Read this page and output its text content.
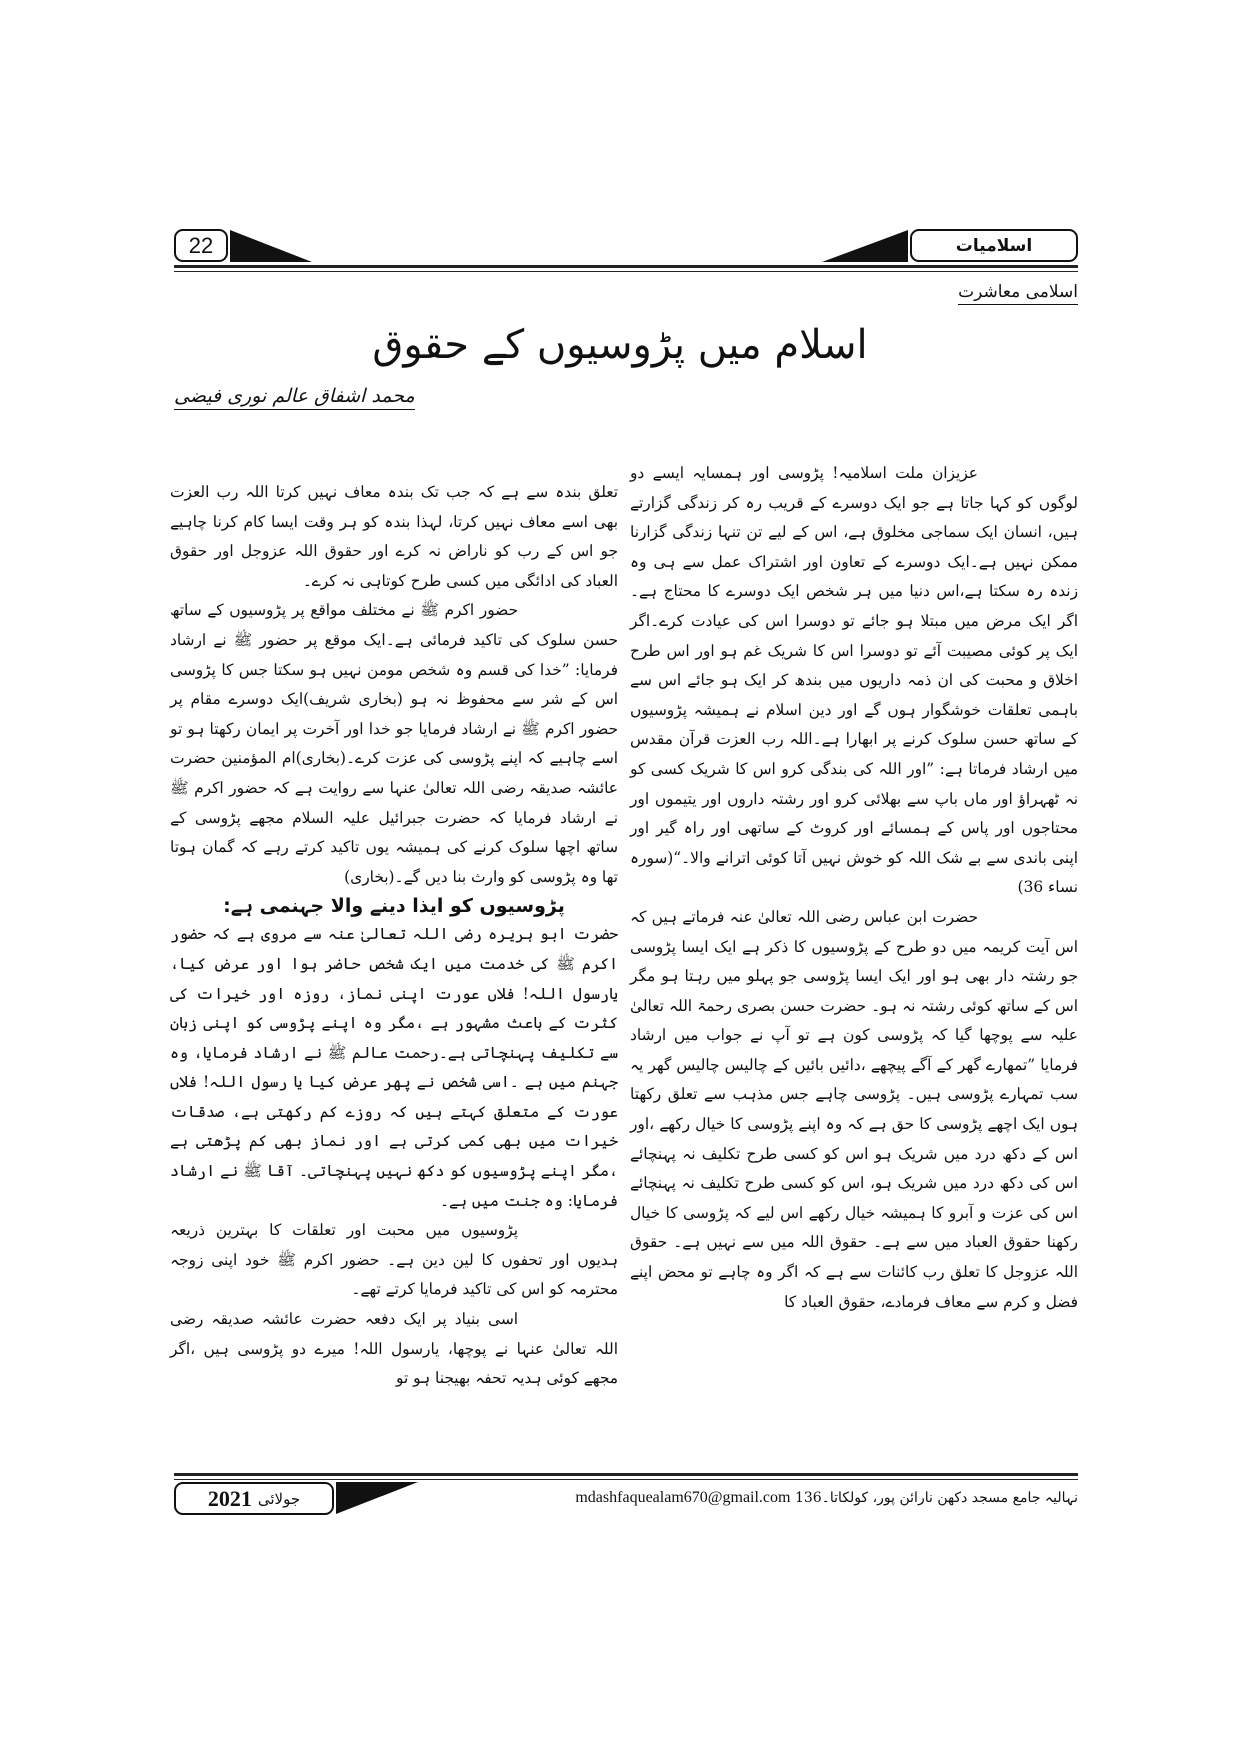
22	اسلامیات
اسلامی معاشرت
اسلام میں پڑوسیوں کے حقوق
محمد اشفاق عالم نوری فیضی

عزیزان ملت اسلامیہ! پڑوسی اور ہمسایہ ایسے دو لوگوں کو کہا جاتا ہے جو ایک دوسرے کے قریب رہ کر زندگی گزارتے ہیں، انسان ایک سماجی مخلوق ہے، اس کے لیے تن تنہا زندگی گزارنا ممکن نہیں ہے۔ایک دوسرے کے تعاون اور اشتراک عمل سے ہی وہ زندہ رہ سکتا ہے،اس دنیا میں ہر شخص ایک دوسرے کا محتاج ہے۔اگر ایک مرض میں مبتلا ہو جائے تو دوسرا اس کی عیادت کرے۔اگر ایک پر کوئی مصیبت آئے تو دوسرا اس کا شریک غم ہو اور اس طرح اخلاق و محبت کی ان ذمہ داریوں میں بندھ کر ایک ہو جائے اس سے باہمی تعلقات خوشگوار ہوں گے اور دین اسلام نے ہمیشہ پڑوسیوں کے ساتھ حسن سلوک کرنے پر ابھارا ہے۔اللہ رب العزت قرآن مقدس میں ارشاد فرماتا ہے: ”اور اللہ کی بندگی کرو اس کا شریک کسی کو نہ ٹھہراؤ اور ماں باپ سے بھلائی کرو اور رشتہ داروں اور یتیموں اور محتاجوں اور پاس کے ہمسائے اور کروٹ کے ساتھی اور راہ گیر اور اپنی باندی سے بے شک اللہ کو خوش نہیں آتا کوئی اترانے والا۔“(سورہ نساء 36)

حضرت ابن عباس رضی اللہ تعالیٰ عنہ فرماتے ہیں کہ اس آیت کریمہ میں دو طرح کے پڑوسیوں کا ذکر ہے ایک ایسا پڑوسی جو رشتہ دار بھی ہو اور ایک ایسا پڑوسی جو پہلو میں رہتا ہو مگر اس کے ساتھ کوئی رشتہ نہ ہو۔ حضرت حسن بصری رحمۃ اللہ تعالیٰ علیہ سے پوچھا گیا کہ پڑوسی کون ہے تو آپ نے جواب میں ارشاد فرمایا ”تمھارے گھر کے آگے پیچھے ،دائیں بائیں کے چالیس چالیس گھر یہ سب تمہارے پڑوسی ہیں۔ پڑوسی چاہے جس مذہب سے تعلق رکھتا ہوں ایک اچھے پڑوسی کا حق ہے کہ وہ اپنے پڑوسی کا خیال رکھے ،اور اس کے دکھ درد میں شریک ہو اس کو کسی طرح تکلیف نہ پہنچائے اس کی دکھ درد میں شریک ہو، اس کو کسی طرح تکلیف نہ پہنچائے اس کی عزت و آبرو کا ہمیشہ خیال رکھے اس لیے کہ پڑوسی کا خیال رکھنا حقوق العباد میں سے ہے۔ حقوق اللہ میں سے نہیں ہے۔ حقوق اللہ عزوجل کا تعلق رب کائنات سے ہے کہ اگر وہ چاہے تو محض اپنے فضل و کرم سے معاف فرمادے، حقوق العباد کا

تعلق بندہ سے ہے کہ جب تک بندہ معاف نہیں کرتا اللہ رب العزت بھی اسے معاف نہیں کرتا، لہذا بندہ کو ہر وقت ایسا کام کرنا چاہیے جو اس کے رب کو ناراض نہ کرے اور حقوق اللہ عزوجل اور حقوق العباد کی ادائگی میں کسی طرح کوتاہی نہ کرے۔

حضور اکرم ﷺ نے مختلف مواقع پر پڑوسیوں کے ساتھ حسن سلوک کی تاکید فرمائی ہے۔ایک موقع پر حضور ﷺ نے ارشاد فرمایا: ”خدا کی قسم وہ شخص مومن نہیں ہو سکتا جس کا پڑوسی اس کے شر سے محفوظ نہ ہو (بخاری شریف)ایک دوسرے مقام پر حضور اکرم ﷺ نے ارشاد فرمایا جو خدا اور آخرت پر ایمان رکھتا ہو تو اسے چاہیے کہ اپنے پڑوسی کی عزت کرے۔(بخاری)ام المؤمنین حضرت عائشہ صدیقہ رضی اللہ تعالیٰ عنہا سے روایت ہے کہ حضور اکرم ﷺ نے ارشاد فرمایا کہ حضرت جبرائیل علیہ السلام مجھے پڑوسی کے ساتھ اچھا سلوک کرنے کی ہمیشہ یوں تاکید کرتے رہے کہ گمان ہوتا تھا وہ پڑوسی کو وارث بنا دیں گے۔(بخاری)

پڑوسیوں کو ایذا دینے والا جہنمی ہے:

حضرت ابو ہریرہ رضی اللہ تعالیٰ عنہ سے مروی ہے کہ حضور اکرم ﷺ کی خدمت میں ایک شخص حاضر ہوا اور عرض کیا، یارسول اللہ! فلاں عورت اپنی نماز، روزہ اور خیرات کی کثرت کے باعث مشہور ہے ،مگر وہ اپنے پڑوسی کو اپنی زبان سے تکلیف پہنچاتی ہے۔رحمت عالم ﷺ نے ارشاد فرمایا، وہ جہنم میں ہے ۔اسی شخص نے پھر عرض کیا یا رسول اللہ! فلاں عورت کے متعلق کہتے ہیں کہ روزے کم رکھتی ہے، صدقات خیرات میں بھی کمی کرتی ہے اور نماز بھی کم پڑھتی ہے ،مگر اپنے پڑوسیوں کو دکھ نہیں پہنچاتی۔ آقا ﷺ نے ارشاد فرمایا: وہ جنت میں ہے۔

پڑوسیوں میں محبت اور تعلقات کا بہترین ذریعہ ہدیوں اور تحفوں کا لین دین ہے۔ حضور اکرم ﷺ خود اپنی زوجہ محترمہ کو اس کی تاکید فرمایا کرتے تھے۔

اسی بنیاد پر ایک دفعہ حضرت عائشہ صدیقہ رضی اللہ تعالیٰ عنہا نے پوچھا، یارسول اللہ! میرے دو پڑوسی ہیں ،اگر مجھے کوئی ہدیہ تحفہ بھیجنا ہو تو

جولائی
2021	نہالیہ جامع مسجد دکھن نارائن پور، کولکاتا۔136 mdashfaquealam670@gmail.com
